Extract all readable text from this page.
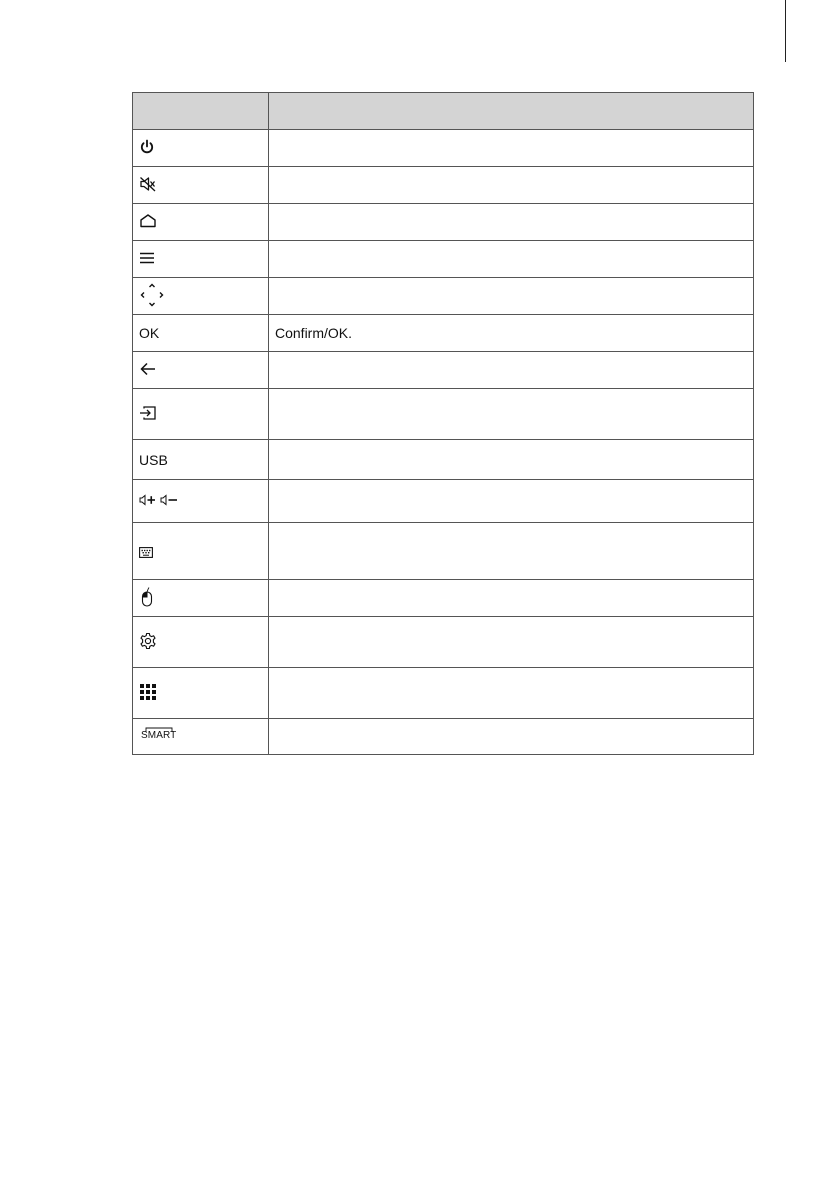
OK	Confirm/OK.

USB	

SMART	
